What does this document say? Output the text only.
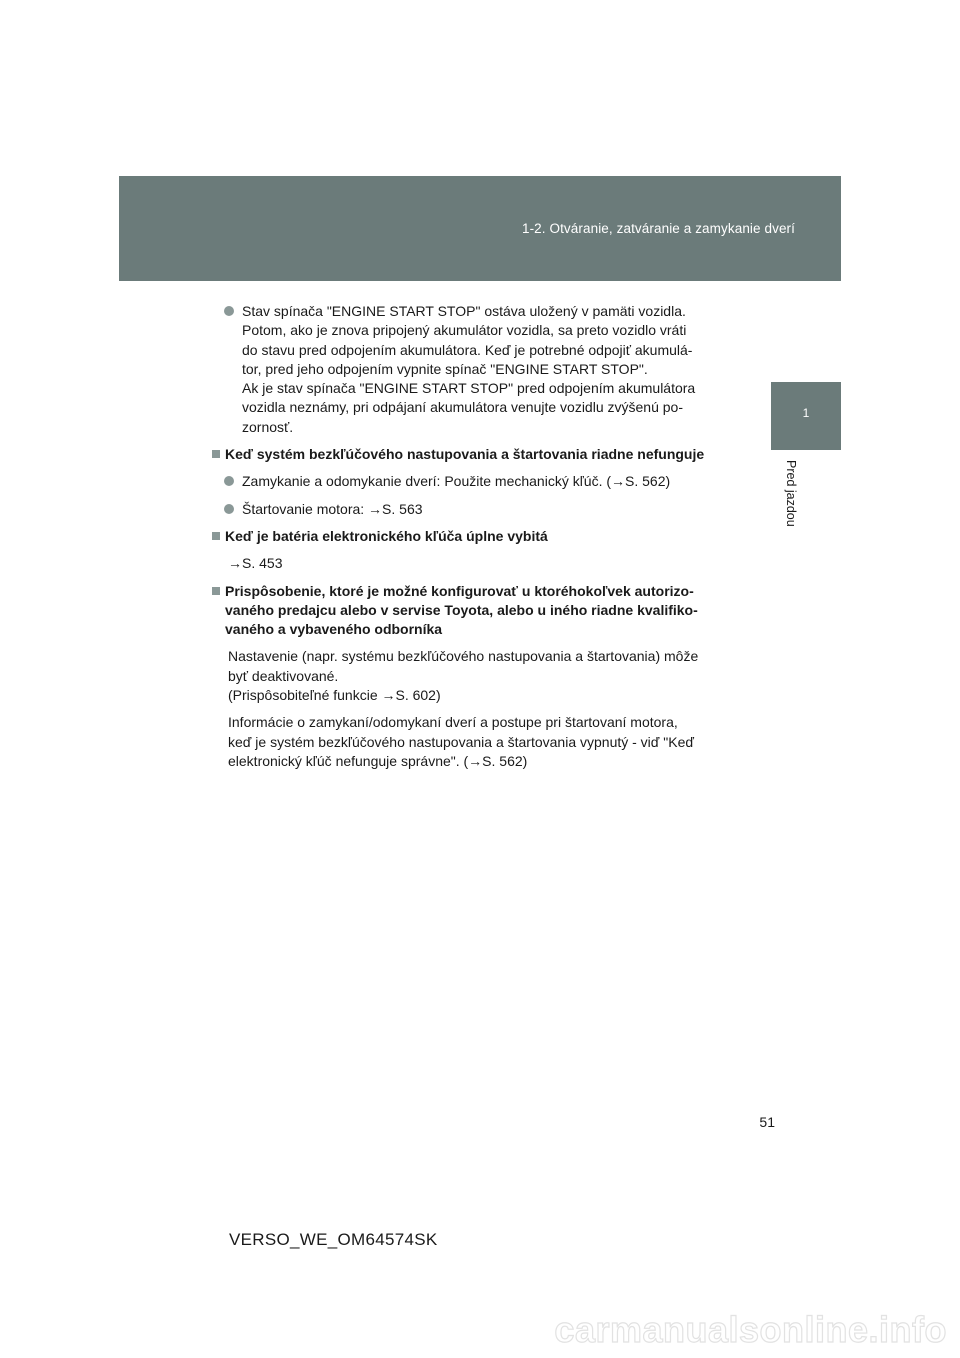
1-2. Otváranie, zatváranie a zamykanie dverí
1
Pred jazdou
Stav spínača "ENGINE START STOP" ostáva uložený v pamäti vozidla.
Potom, ako je znova pripojený akumulátor vozidla, sa preto vozidlo vráti
do stavu pred odpojením akumulátora. Keď je potrebné odpojiť akumulá-
tor, pred jeho odpojením vypnite spínač "ENGINE START STOP".
Ak je stav spínača "ENGINE START STOP" pred odpojením akumulátora
vozidla neznámy, pri odpájaní akumulátora venujte vozidlu zvýšenú po-
zornosť.
Keď systém bezkľúčového nastupovania a štartovania riadne nefunguje
Zamykanie a odomykanie dverí: Použite mechanický kľúč. (→S. 562)
Štartovanie motora: →S. 563
Keď je batéria elektronického kľúča úplne vybitá
→S. 453
Prispôsobenie, ktoré je možné konfigurovať u ktoréhokoľvek autorizo-
vaného predajcu alebo v servise Toyota, alebo u iného riadne kvalifiko-
vaného a vybaveného odborníka
Nastavenie (napr. systému bezkľúčového nastupovania a štartovania) môže
byť deaktivované.
(Prispôsobiteľné funkcie →S. 602)
Informácie o zamykaní/odomykaní dverí a postupe pri štartovaní motora,
keď je systém bezkľúčového nastupovania a štartovania vypnutý - viď "Keď
elektronický kľúč nefunguje správne". (→S. 562)
51
VERSO_WE_OM64574SK
carmanualsonline.info
